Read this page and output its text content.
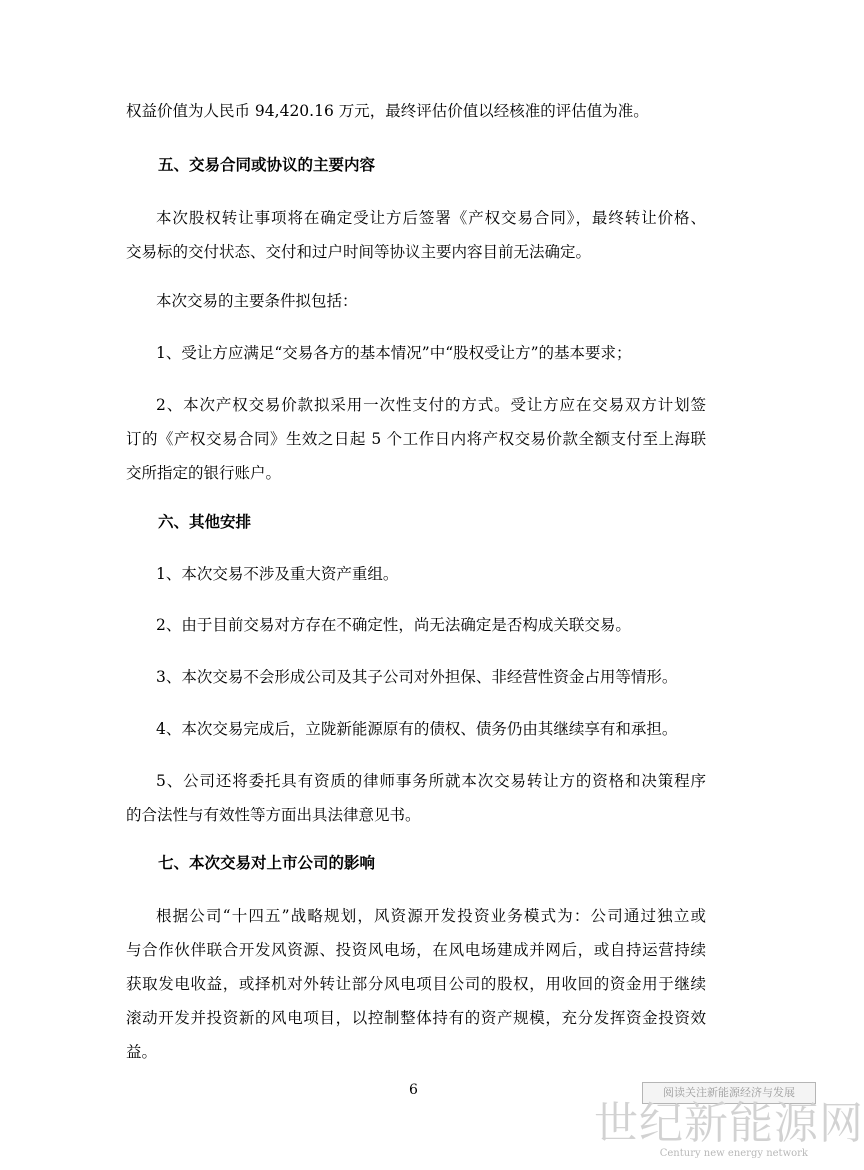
权益价值为人民币 94,420.16 万元，最终评估价值以经核准的评估值为准。
五、交易合同或协议的主要内容
本次股权转让事项将在确定受让方后签署《产权交易合同》，最终转让价格、
交易标的交付状态、交付和过户时间等协议主要内容目前无法确定。
本次交易的主要条件拟包括：
1、受让方应满足“交易各方的基本情况”中“股权受让方”的基本要求；
2、本次产权交易价款拟采用一次性支付的方式。受让方应在交易双方计划签
订的《产权交易合同》生效之日起 5 个工作日内将产权交易价款全额支付至上海联
交所指定的银行账户。
六、其他安排
1、本次交易不涉及重大资产重组。
2、由于目前交易对方存在不确定性，尚无法确定是否构成关联交易。
3、本次交易不会形成公司及其子公司对外担保、非经营性资金占用等情形。
4、本次交易完成后，立陇新能源原有的债权、债务仍由其继续享有和承担。
5、公司还将委托具有资质的律师事务所就本次交易转让方的资格和决策程序
的合法性与有效性等方面出具法律意见书。
七、本次交易对上市公司的影响
根据公司“十四五”战略规划，风资源开发投资业务模式为：公司通过独立或
与合作伙伴联合开发风资源、投资风电场，在风电场建成并网后，或自持运营持续
获取发电收益，或择机对外转让部分风电项目公司的股权，用收回的资金用于继续
滚动开发并投资新的风电项目，以控制整体持有的资产规模，充分发挥资金投资效
益。
6	阅读关注新能源经济与发展
世纪新能源网
Century new energy network
